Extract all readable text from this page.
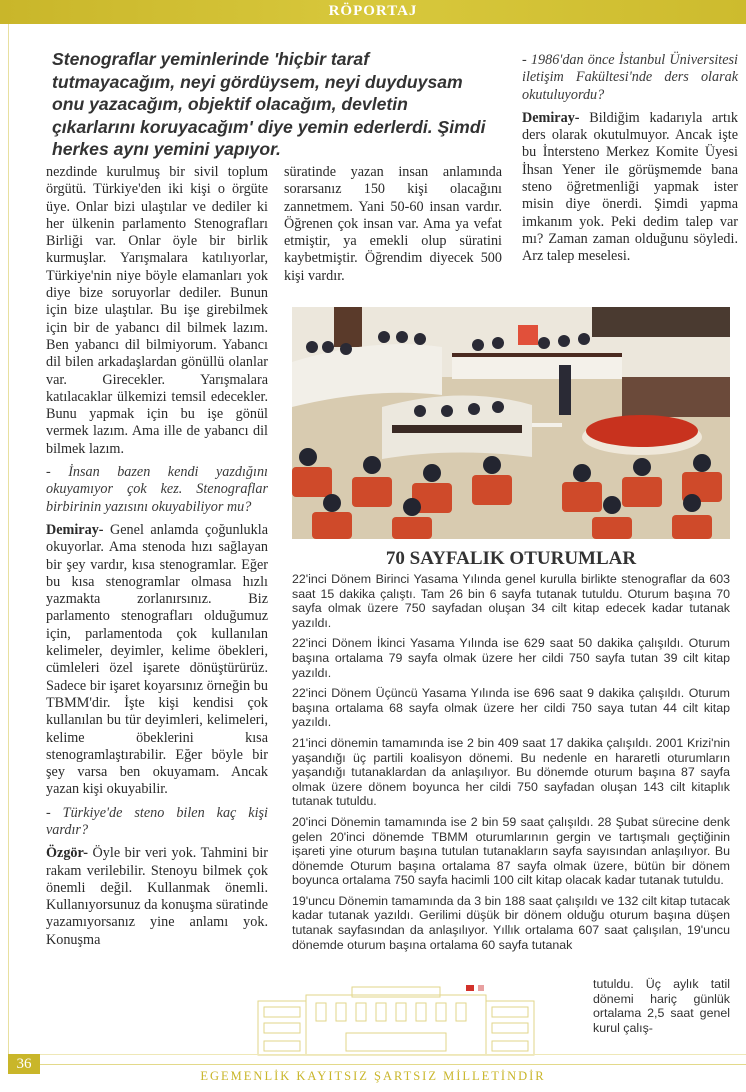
RÖPORTAJ
Stenograflar yeminlerinde 'hiçbir taraf tutmayacağım, neyi gördüysem, neyi duyduysam onu yazacağım, objektif olacağım, devletin çıkarlarını koruyacağım' diye yemin ederlerdi. Şimdi herkes aynı yemini yapıyor.

nezdinde kurulmuş bir sivil toplum örgütü. Türkiye'den iki kişi o örgüte üye. Onlar bizi ulaştılar ve dediler ki her ülkenin parlamento Stenografları Birliği var. Onlar öyle bir birlik kurmuşlar. Yarışmalara katılıyorlar, Türkiye'nin niye böyle elamanları yok diye bize soruyorlar dediler. Bunun için bize ulaştılar. Bu işe girebilmek için bir de yabancı dil bilmek lazım. Ben yabancı dil bilmiyorum. Yabancı dil bilen arkadaşlardan gönüllü olanlar var. Girecekler. Yarışmalara katılacaklar ülkemizi temsil edecekler. Bunu yapmak için bu işe gönül vermek lazım. Ama ille de yabancı dil bilmek lazım.

- İnsan bazen kendi yazdığını okuyamıyor çok kez. Stenograflar birbirinin yazısını okuyabiliyor mu?

Demiray- Genel anlamda çoğunlukla okuyorlar. Ama stenoda hızı sağlayan bir şey vardır, kısa stenogramlar. Eğer bu kısa stenogramlar olmasa hızlı yazmakta zorlanırsınız. Biz parlamento stenografları olduğumuz için, parlamentoda çok kullanılan kelimeler, deyimler, kelime öbekleri, cümleleri özel işarete dönüştürürüz. Sadece bir işaret koyarsınız örneğin bu TBMM'dir. İşte kişi kendisi çok kullanılan bu tür deyimleri, kelimeleri, kelime öbeklerini kısa stenogramlaştırabilir. Eğer böyle bir şey varsa ben okuyamam. Ancak yazan kişi okuyabilir.

- Türkiye'de steno bilen kaç kişi vardır?

Özgör- Öyle bir veri yok. Tahmini bir rakam verilebilir. Stenoyu bilmek çok önemli değil. Kullanmak önemli. Kullanıyorsunuz da konuşma süratinde yazamıyorsanız yine anlamı yok. Konuşma

süratinde yazan insan anlamında sorarsanız 150 kişi olacağını zannetmem. Yani 50-60 insan vardır. Öğrenen çok insan var. Ama ya vefat etmiştir, ya emekli olup süratini kaybetmiştir. Öğrendim diyecek 500 kişi vardır.

- 1986'dan önce İstanbul Üniversitesi iletişim Fakültesi'nde ders olarak okutuluyordu?

Demiray- Bildiğim kadarıyla artık ders olarak okutulmuyor. Ancak işte bu İntersteno Merkez Komite Üyesi İhsan Yener ile görüşmemde bana steno öğretmenliği yapmak ister misin diye önerdi. Şimdi yapma imkanım yok. Peki dedim talep var mı? Zaman zaman olduğunu söyledi. Arz talep meselesi.

70 SAYFALIK OTURUMLAR

22'inci Dönem Birinci Yasama Yılında genel kurulla birlikte stenograflar da 603 saat 15 dakika çalıştı. Tam 26 bin 6 sayfa tutanak tutuldu. Oturum başına 70 sayfa olmak üzere 750 sayfadan oluşan 34 cilt kitap edecek kadar tutanak yazıldı.

22'inci Dönem İkinci Yasama Yılında ise 629 saat 50 dakika çalışıldı. Oturum başına ortalama 79 sayfa olmak üzere her cildi 750 sayfa tutan 39 cilt kitap yazıldı.

22'inci Dönem Üçüncü Yasama Yılında ise 696 saat 9 dakika çalışıldı. Oturum başına ortalama 68 sayfa olmak üzere her cildi 750 saya tutan 44 cilt kitap yazıldı.

21'inci dönemin tamamında ise 2 bin 409 saat 17 dakika çalışıldı. 2001 Krizi'nin yaşandığı üç partili koalisyon dönemi. Bu nedenle en hararetli oturumların yaşandığı tutanaklardan da anlaşılıyor. Bu dönemde oturum başına 87 sayfa olmak üzere dönem boyunca her cildi 750 sayfadan oluşan 143 cilt kitaplık tutanak tutuldu.

20'inci Dönemin tamamında ise 2 bin 59 saat çalışıldı. 28 Şubat sürecine denk gelen 20'inci dönemde TBMM oturumlarının gergin ve tartışmalı geçtiğinin işareti yine oturum başına tutulan tutanakların sayfa sayısından anlaşılıyor. Bu dönemde Oturum başına ortalama 87 sayfa olmak üzere, bütün bir dönem boyunca ortalama 750 sayfa hacimli 100 cilt kitap olacak kadar tutanak tutuldu.

19'uncu Dönemin tamamında da 3 bin 188 saat çalışıldı ve 132 cilt kitap tutacak kadar tutanak yazıldı. Gerilimi düşük bir dönem olduğu oturum başına düşen tutanak sayfasından da anlaşılıyor. Yıllık ortalama 607 saat çalışılan, 19'uncu dönemde oturum başına ortalama 60 sayfa tutanak

tutuldu. Üç aylık tatil dönemi hariç günlük ortalama 2,5 saat genel kurul çalış-
36
EGEMENLİK KAYITSIZ ŞARTSIZ MİLLETİNDİR
